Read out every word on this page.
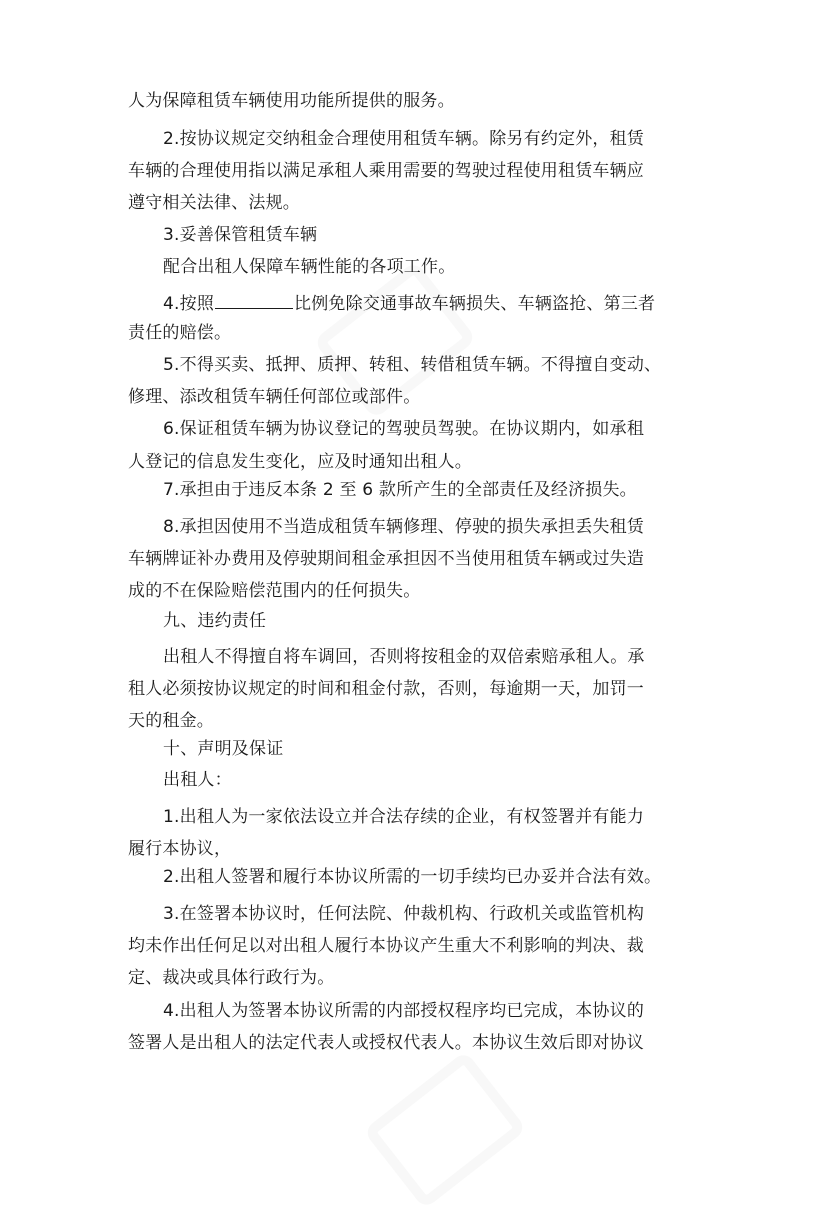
人为保障租赁车辆使用功能所提供的服务。
2.按协议规定交纳租金合理使用租赁车辆。除另有约定外，租赁
车辆的合理使用指以满足承租人乘用需要的驾驶过程使用租赁车辆应
遵守相关法律、法规。
3.妥善保管租赁车辆
配合出租人保障车辆性能的各项工作。
4.按照	比例免除交通事故车辆损失、车辆盗抢、第三者
责任的赔偿。
5.不得买卖、抵押、质押、转租、转借租赁车辆。不得擅自变动、
修理、添改租赁车辆任何部位或部件。
6.保证租赁车辆为协议登记的驾驶员驾驶。在协议期内，如承租
人登记的信息发生变化，应及时通知出租人。
7.承担由于违反本条 2 至 6 款所产生的全部责任及经济损失。
8.承担因使用不当造成租赁车辆修理、停驶的损失承担丢失租赁
车辆牌证补办费用及停驶期间租金承担因不当使用租赁车辆或过失造
成的不在保险赔偿范围内的任何损失。
九、违约责任
出租人不得擅自将车调回，否则将按租金的双倍索赔承租人。承
租人必须按协议规定的时间和租金付款，否则，每逾期一天，加罚一
天的租金。
十、声明及保证
出租人：
1.出租人为一家依法设立并合法存续的企业，有权签署并有能力
履行本协议，
2.出租人签署和履行本协议所需的一切手续均已办妥并合法有效。
3.在签署本协议时，任何法院、仲裁机构、行政机关或监管机构
均未作出任何足以对出租人履行本协议产生重大不利影响的判决、裁
定、裁决或具体行政行为。
4.出租人为签署本协议所需的内部授权程序均已完成，本协议的
签署人是出租人的法定代表人或授权代表人。本协议生效后即对协议
